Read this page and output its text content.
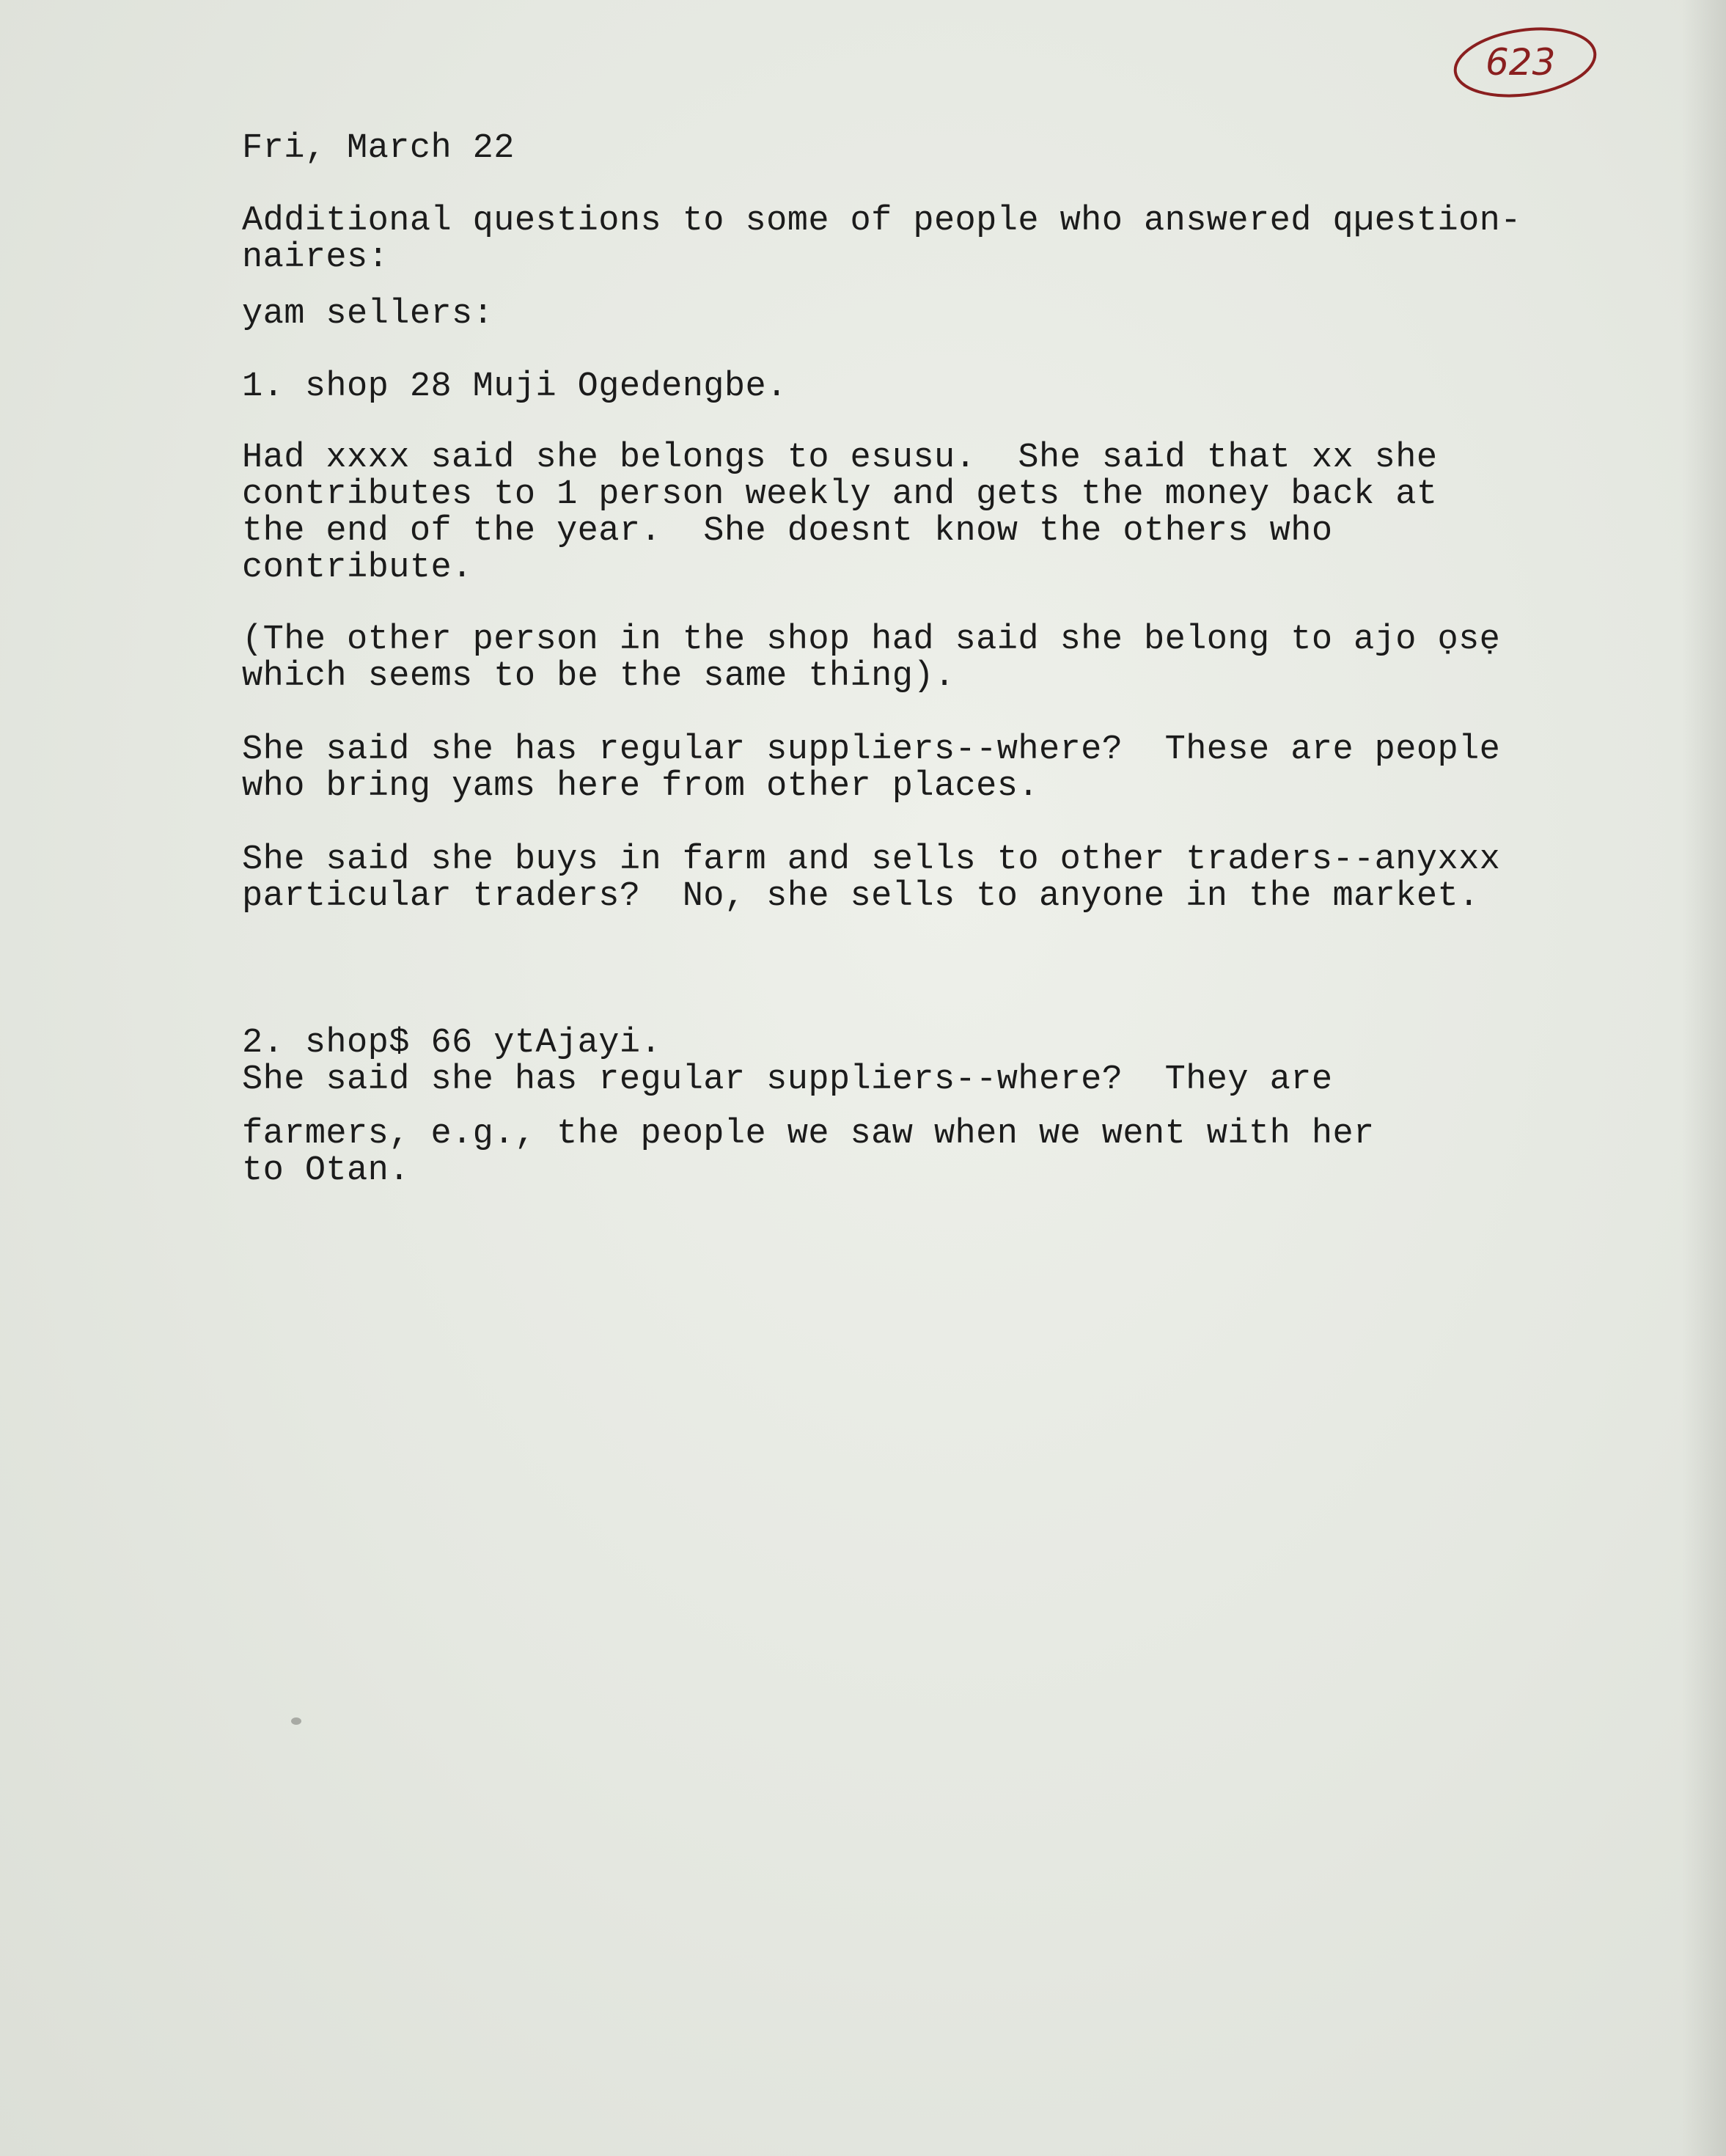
623
Fri, March 22
Additional questions to some of people who answered qµestion-
naires:
yam sellers:
1. shop 28 Muji Ogedengbe.
Had xxxx said she belongs to esusu.  She said that xx she
contributes to 1 person weekly and gets the money back at
the end of the year.  She doesnt know the others who
contribute.
(The other person in the shop had said she belong to ajo ọsẹ
which seems to be the same thing).
She said she has regular suppliers--where?  These are people
who bring yams here from other places.
She said she buys in farm and sells to other traders--anyxxx
particular traders?  No, she sells to anyone in the market.
2. shop$ 66 ytAjayi.
She said she has regular suppliers--where?  They are
farmers, e.g., the people we saw when we went with her
to Otan.
